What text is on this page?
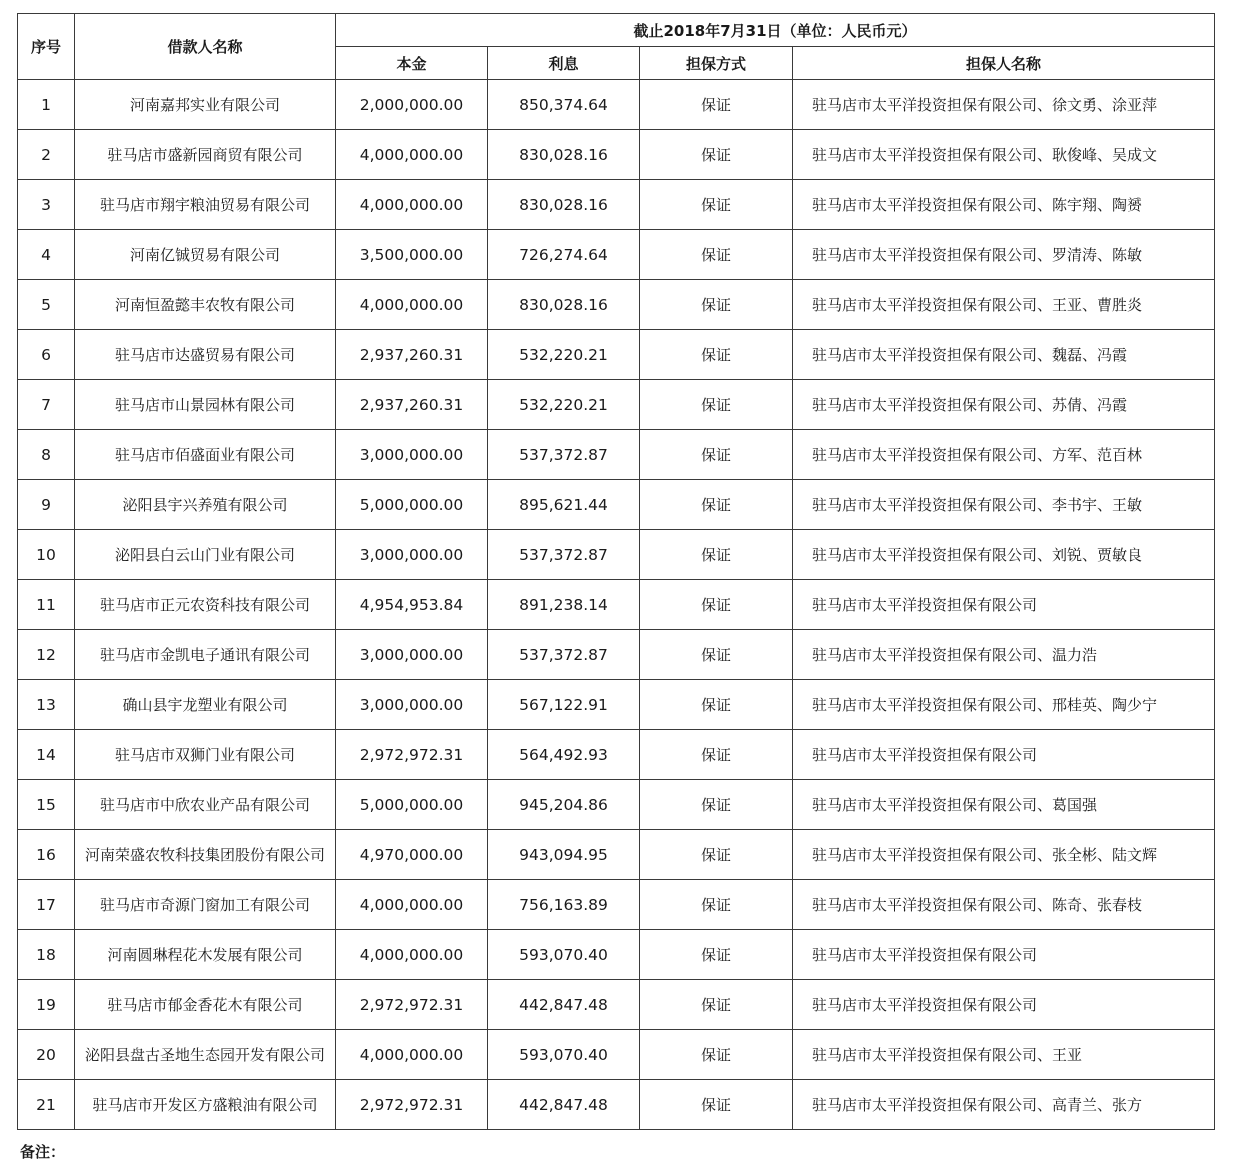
序号	借款人名称	截止2018年7月31日（单位：人民币元）			
		本金	利息	担保方式	担保人名称
1	河南嘉邦实业有限公司	2,000,000.00	850,374.64	保证	驻马店市太平洋投资担保有限公司、徐文勇、涂亚萍
2	驻马店市盛新园商贸有限公司	4,000,000.00	830,028.16	保证	驻马店市太平洋投资担保有限公司、耿俊峰、吴成文
3	驻马店市翔宇粮油贸易有限公司	4,000,000.00	830,028.16	保证	驻马店市太平洋投资担保有限公司、陈宇翔、陶赟
4	河南亿铖贸易有限公司	3,500,000.00	726,274.64	保证	驻马店市太平洋投资担保有限公司、罗清涛、陈敏
5	河南恒盈懿丰农牧有限公司	4,000,000.00	830,028.16	保证	驻马店市太平洋投资担保有限公司、王亚、曹胜炎
6	驻马店市达盛贸易有限公司	2,937,260.31	532,220.21	保证	驻马店市太平洋投资担保有限公司、魏磊、冯霞
7	驻马店市山景园林有限公司	2,937,260.31	532,220.21	保证	驻马店市太平洋投资担保有限公司、苏倩、冯霞
8	驻马店市佰盛面业有限公司	3,000,000.00	537,372.87	保证	驻马店市太平洋投资担保有限公司、方军、范百林
9	泌阳县宇兴养殖有限公司	5,000,000.00	895,621.44	保证	驻马店市太平洋投资担保有限公司、李书宇、王敏
10	泌阳县白云山门业有限公司	3,000,000.00	537,372.87	保证	驻马店市太平洋投资担保有限公司、刘锐、贾敏良
11	驻马店市正元农资科技有限公司	4,954,953.84	891,238.14	保证	驻马店市太平洋投资担保有限公司
12	驻马店市金凯电子通讯有限公司	3,000,000.00	537,372.87	保证	驻马店市太平洋投资担保有限公司、温力浩
13	确山县宇龙塑业有限公司	3,000,000.00	567,122.91	保证	驻马店市太平洋投资担保有限公司、邢桂英、陶少宁
14	驻马店市双狮门业有限公司	2,972,972.31	564,492.93	保证	驻马店市太平洋投资担保有限公司
15	驻马店市中欣农业产品有限公司	5,000,000.00	945,204.86	保证	驻马店市太平洋投资担保有限公司、葛国强
16	河南荣盛农牧科技集团股份有限公司	4,970,000.00	943,094.95	保证	驻马店市太平洋投资担保有限公司、张全彬、陆文辉
17	驻马店市奇源门窗加工有限公司	4,000,000.00	756,163.89	保证	驻马店市太平洋投资担保有限公司、陈奇、张春枝
18	河南圆琳程花木发展有限公司	4,000,000.00	593,070.40	保证	驻马店市太平洋投资担保有限公司
19	驻马店市郁金香花木有限公司	2,972,972.31	442,847.48	保证	驻马店市太平洋投资担保有限公司
20	泌阳县盘古圣地生态园开发有限公司	4,000,000.00	593,070.40	保证	驻马店市太平洋投资担保有限公司、王亚
21	驻马店市开发区方盛粮油有限公司	2,972,972.31	442,847.48	保证	驻马店市太平洋投资担保有限公司、高青兰、张方
备注：
